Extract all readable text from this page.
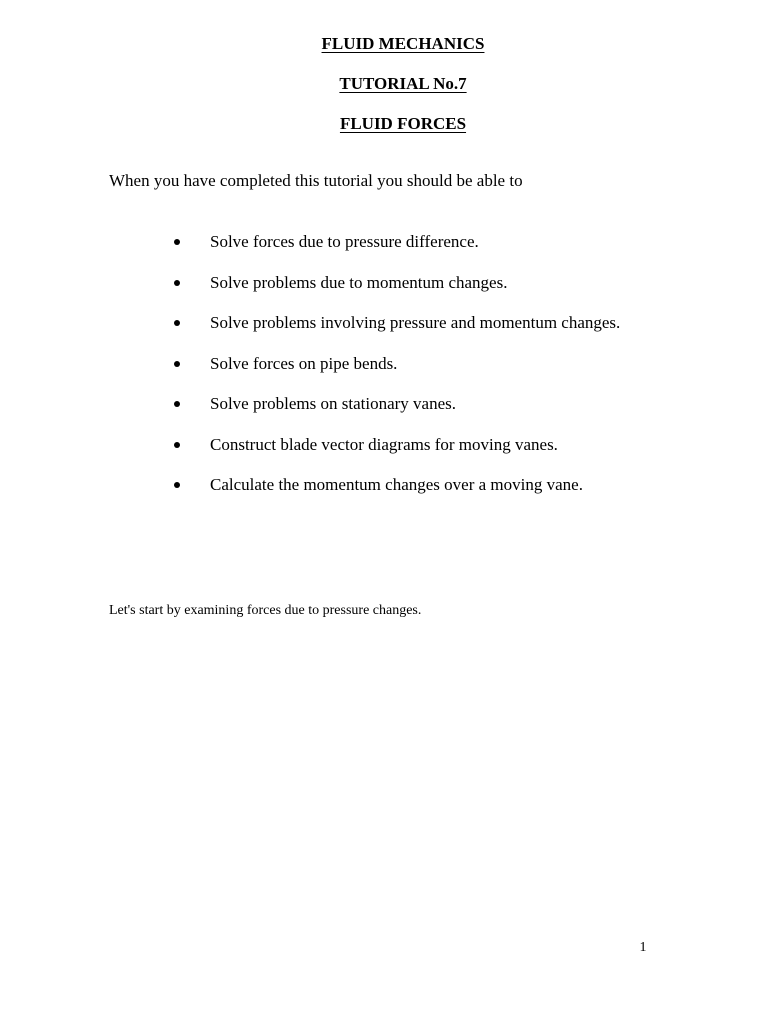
FLUID MECHANICS
TUTORIAL No.7
FLUID FORCES
When you have completed this tutorial you should be able to
Solve forces due to pressure difference.
Solve problems due to momentum changes.
Solve problems involving pressure and momentum changes.
Solve forces on pipe bends.
Solve problems on stationary vanes.
Construct blade vector diagrams for moving vanes.
Calculate the momentum changes over a moving vane.
Let's start by examining forces due to pressure changes.
1
